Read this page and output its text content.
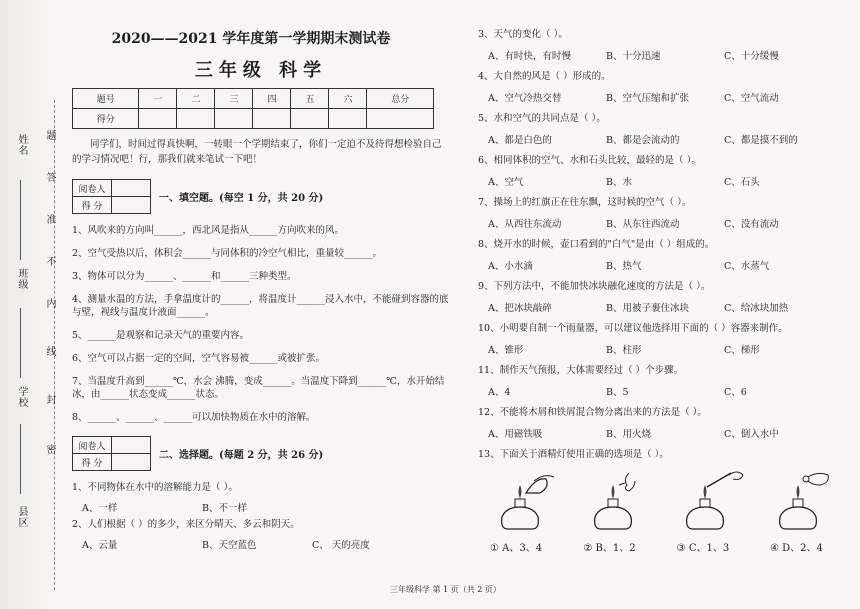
姓名
班级
学校
县区
题
答
准
不
内
线
封
密
2020——2021 学年度第一学期期末测试卷
三年级 科学
题号	一	二	三	四	五	六	总分
得分							
同学们，时间过得真快啊，一转眼一个学期结束了，你们一定迫不及待得想检验自己的学习情况吧！行，那我们就来笔试一下吧！
阅卷人	
得 分	
一、填空题。(每空 1 分，共 20 分)
1、风吹来的方向叫______，西北风是指从______方向吹来的风。
2、空气受热以后，体积会______与同体积的冷空气相比，重量较______。
3、物体可以分为______、______和______三种类型。
4、测量水温的方法，手拿温度计的______，将温度计______浸入水中，不能碰到容器的底与壁，视线与温度计液面______。
5、______是观察和记录天气的重要内容。
6、空气可以占据一定的空间，空气容易被______或被扩张。
7、当温度升高到______℃，水会 沸腾，变成______。当温度下降到______℃，水开始结冰，由______状态变成______状态。
8、______、______、______可以加快物质在水中的溶解。
阅卷人	
得 分	
二、选择题。(每题 2 分，共 26 分)
1、不同物体在水中的溶解能力是（ ）。
A、一样	B、不一样
2、人们根据（ ）的多少，来区分晴天、多云和阴天。
A、云量	B、天空蓝色	C、 天的亮度
3、天气的变化（ ）。
A、有时快，有时慢	B、十分迅速	C、十分缓慢
4、大自然的风是（ ）形成的。
A、空气冷热交替	B、空气压缩和扩张	C、空气流动
5、水和空气的共同点是（ ）。
A、都是白色的	B、都是会流动的	C、都是摸不到的
6、相同体积的空气、水和石头比较，最轻的是（ ）。
A、空气	B、水	C、石头
7、操场上的红旗正在往东飘，这时候的空气（ ）。
A、从西往东流动	B、从东往西流动	C、没有流动
8、烧开水的时候，壶口看到的"白气"是由（ ）组成的。
A、小水滴	B、热气	C、水蒸气
9、下列方法中，不能加快冰块融化速度的方法是（ ）。
A、把冰块敲碎	B、用被子裹住冰块	C、给冰块加热
10、小明要自制一个雨量器，可以建议他选择用下面的（ ）容器来制作。
A、锥形	B、柱形	C、梯形
11、制作天气预报，大体需要经过（ ）个步骤。
A、4	B、5	C、6
12、不能将木屑和铁屑混合物分离出来的方法是（ ）。
A、用磁铁吸	B、用火烧	C、倒入水中
13、下面关于酒精灯使用正确的选项是（ ）。
① A、3、4	② B、1、2	③ C、1、3	④ D、2、4
三年级科学 第 1 页（共 2 页）
